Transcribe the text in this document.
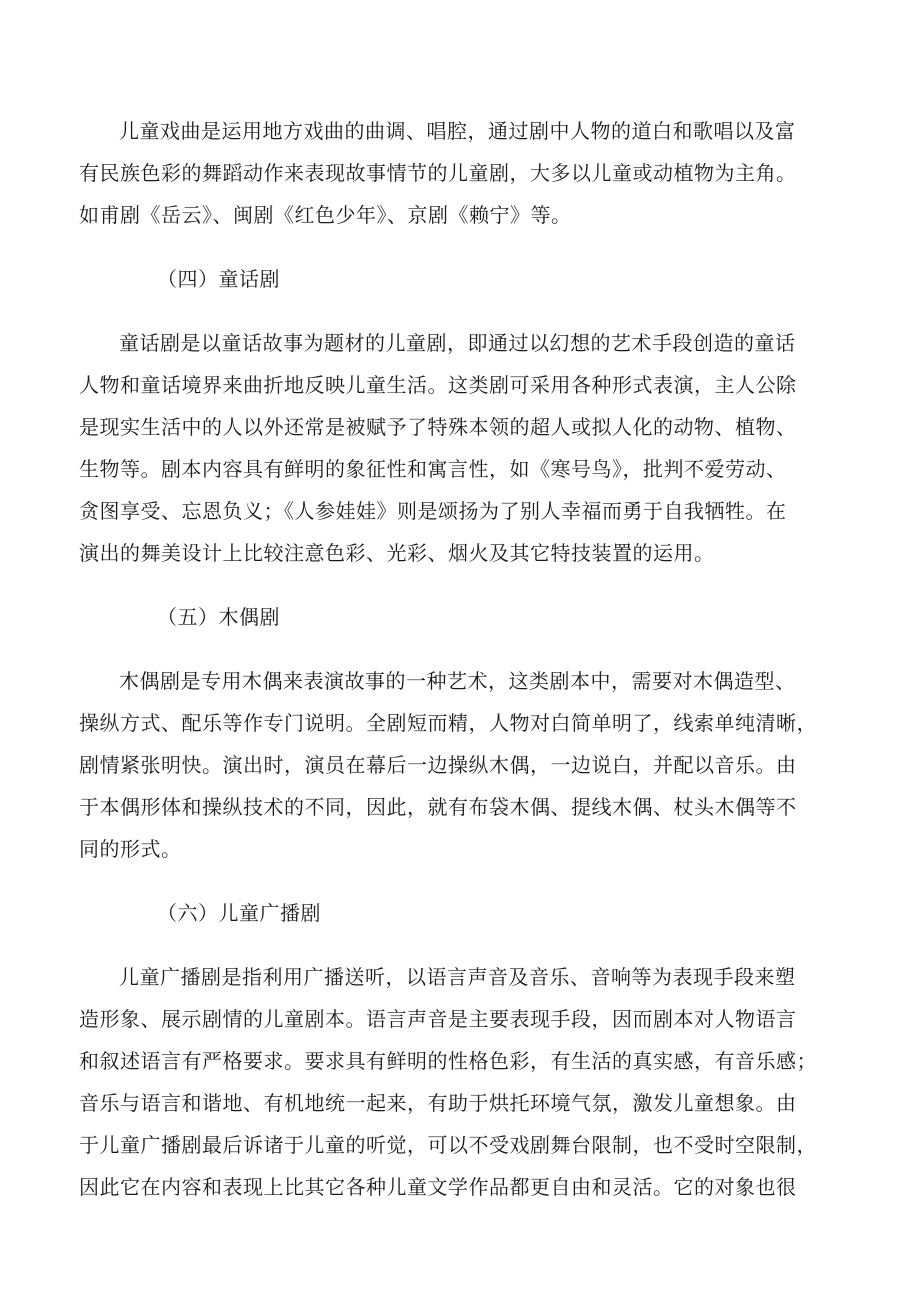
儿童戏曲是运用地方戏曲的曲调、唱腔，通过剧中人物的道白和歌唱以及富
有民族色彩的舞蹈动作来表现故事情节的儿童剧，大多以儿童或动植物为主角。
如甫剧《岳云》、闽剧《红色少年》、京剧《赖宁》等。
（四）童话剧
童话剧是以童话故事为题材的儿童剧，即通过以幻想的艺术手段创造的童话
人物和童话境界来曲折地反映儿童生活。这类剧可采用各种形式表演，主人公除
是现实生活中的人以外还常是被赋予了特殊本领的超人或拟人化的动物、植物、
生物等。剧本内容具有鲜明的象征性和寓言性，如《寒号鸟》，批判不爱劳动、
贪图享受、忘恩负义；《人参娃娃》则是颂扬为了别人幸福而勇于自我牺牲。在
演出的舞美设计上比较注意色彩、光彩、烟火及其它特技装置的运用。
（五）木偶剧
木偶剧是专用木偶来表演故事的一种艺术，这类剧本中，需要对木偶造型、
操纵方式、配乐等作专门说明。全剧短而精，人物对白简单明了，线索单纯清晰，
剧情紧张明快。演出时，演员在幕后一边操纵木偶，一边说白，并配以音乐。由
于本偶形体和操纵技术的不同，因此，就有布袋木偶、提线木偶、杖头木偶等不
同的形式。
（六）儿童广播剧
儿童广播剧是指利用广播送听，以语言声音及音乐、音响等为表现手段来塑
造形象、展示剧情的儿童剧本。语言声音是主要表现手段，因而剧本对人物语言
和叙述语言有严格要求。要求具有鲜明的性格色彩，有生活的真实感，有音乐感；
音乐与语言和谐地、有机地统一起来，有助于烘托环境气氛，激发儿童想象。由
于儿童广播剧最后诉诸于儿童的听觉，可以不受戏剧舞台限制，也不受时空限制，
因此它在内容和表现上比其它各种儿童文学作品都更自由和灵活。它的对象也很
